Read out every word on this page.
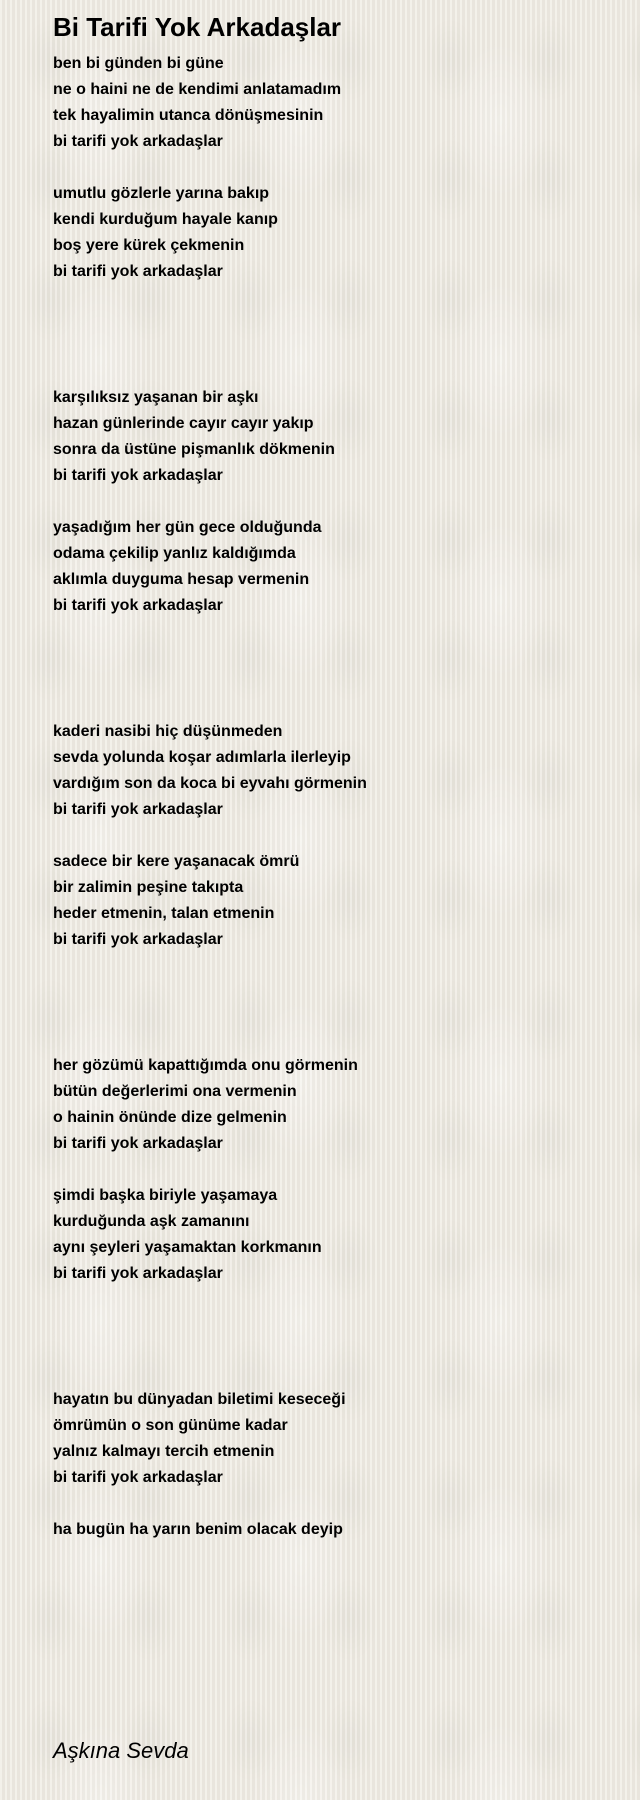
Bi Tarifi Yok Arkadaşlar
ben bi günden bi güne
ne o haini ne de kendimi anlatamadım
tek hayalimin utanca dönüşmesinin
bi tarifi yok arkadaşlar
umutlu gözlerle yarına bakıp
kendi kurduğum hayale kanıp
boş yere kürek çekmenin
bi tarifi yok arkadaşlar
karşılıksız yaşanan bir aşkı
hazan günlerinde cayır cayır yakıp
sonra da üstüne pişmanlık dökmenin
bi tarifi yok arkadaşlar
yaşadığım her gün gece olduğunda
odama çekilip yanlız kaldığımda
aklımla duyguma hesap vermenin
bi tarifi yok arkadaşlar
kaderi nasibi hiç düşünmeden
sevda yolunda koşar adımlarla ilerleyip
vardığım son da koca bi eyvahı görmenin
bi tarifi yok arkadaşlar
sadece bir kere yaşanacak ömrü
bir zalimin peşine takıpta
heder etmenin, talan etmenin
bi tarifi yok arkadaşlar
her gözümü kapattığımda onu görmenin
bütün değerlerimi ona vermenin
o hainin önünde dize gelmenin
bi tarifi yok arkadaşlar
şimdi başka biriyle yaşamaya
kurduğunda aşk zamanını
aynı şeyleri yaşamaktan korkmanın
bi tarifi yok arkadaşlar
hayatın bu dünyadan biletimi keseceği
ömrümün o son günüme kadar
yalnız kalmayı tercih etmenin
bi tarifi yok arkadaşlar
ha bugün ha yarın benim olacak deyip
Aşkına Sevda
